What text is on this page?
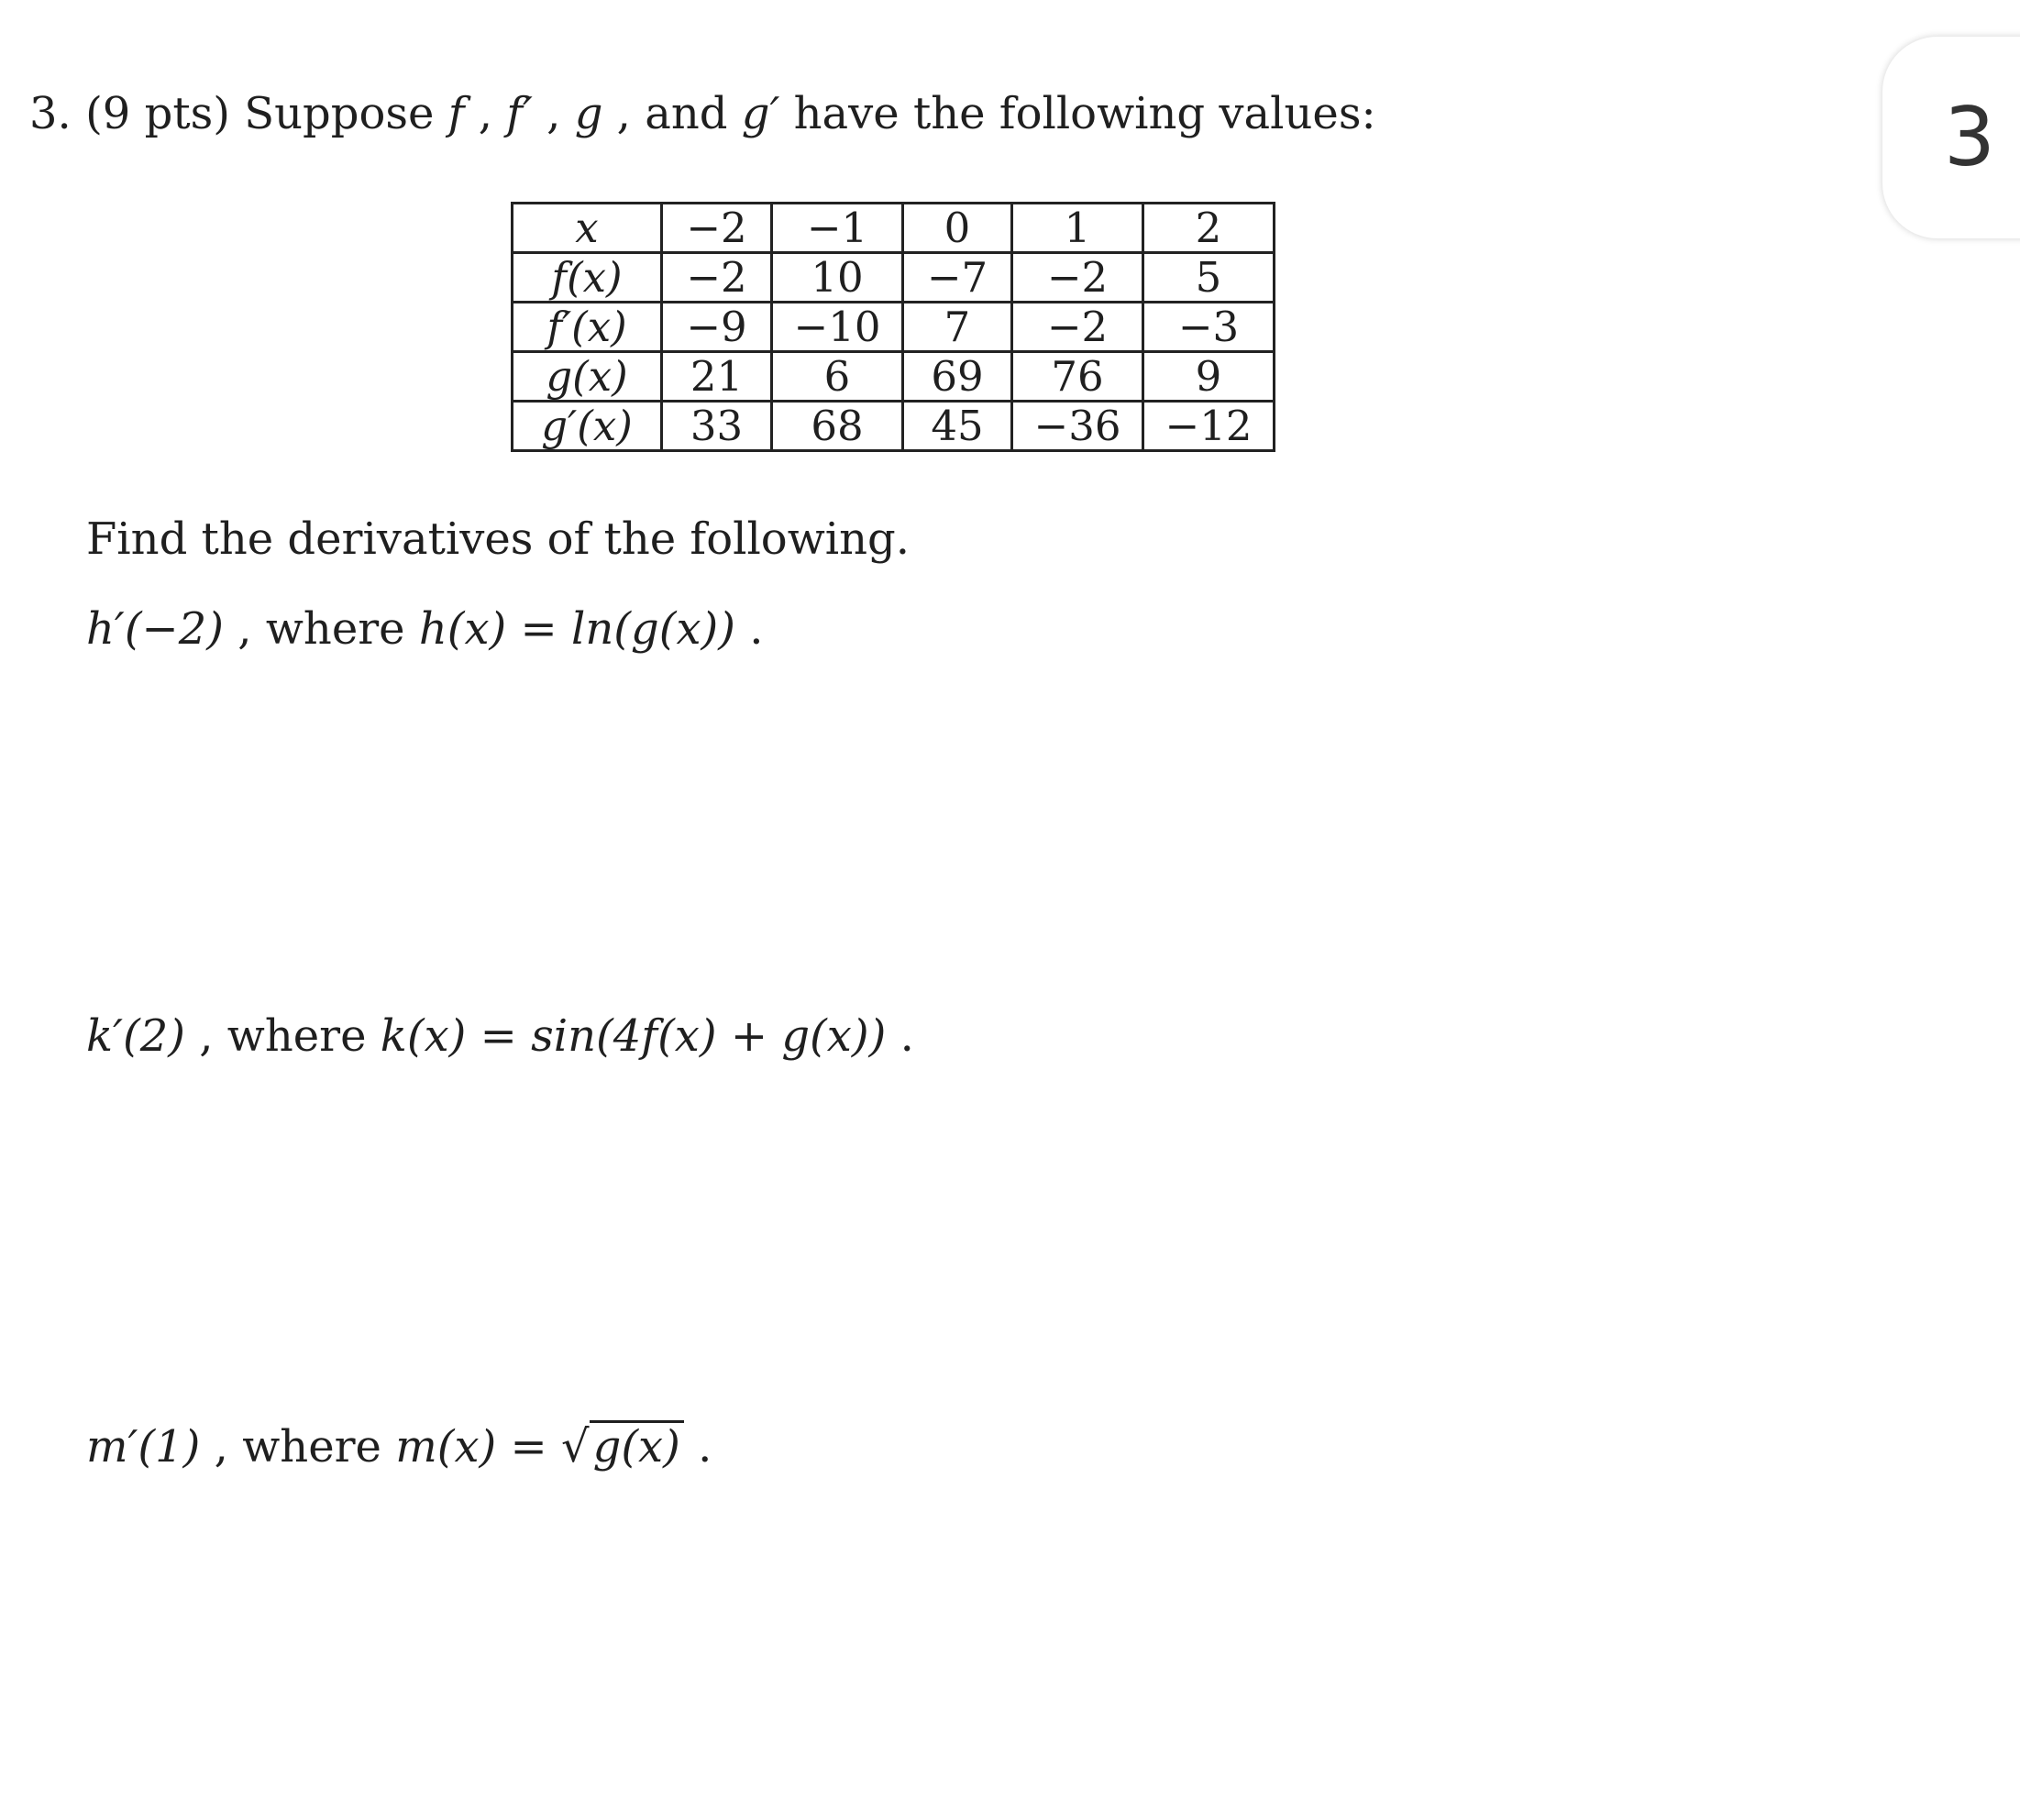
3
3. (9 pts) Suppose f , f′ , g , and g′ have the following values:
x	−2	−1	0	1	2
f(x)	−2	10	−7	−2	5
f′(x)	−9	−10	7	−2	−3
g(x)	21	6	69	76	9
g′(x)	33	68	45	−36	−12
Find the derivatives of the following.
h′(−2) , where h(x) = ln(g(x)) .
k′(2) , where k(x) = sin(4f(x) + g(x)) .
m′(1) , where m(x) = √g(x) .
